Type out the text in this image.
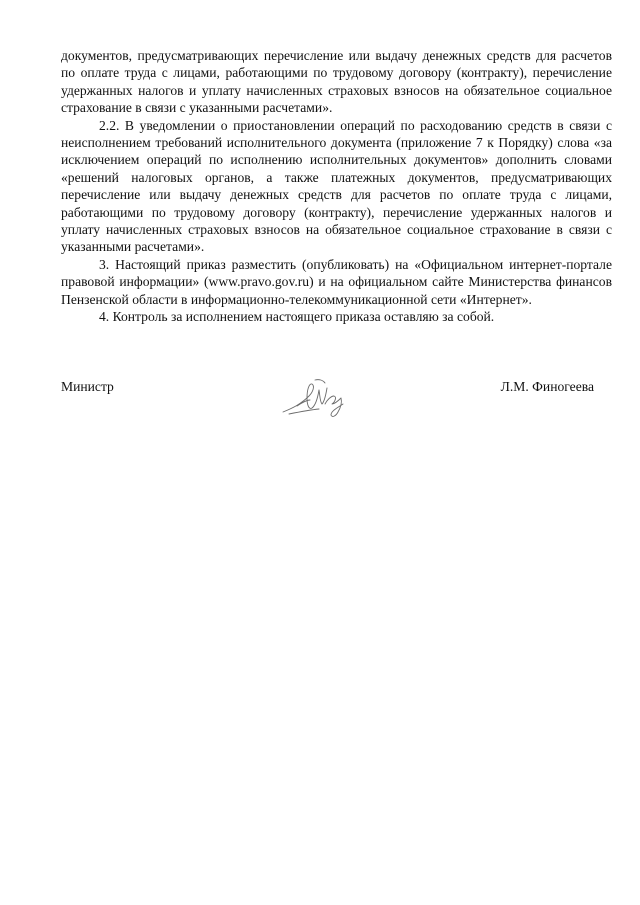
документов, предусматривающих перечисление или выдачу денежных средств для расчетов по оплате труда с лицами, работающими по трудовому договору (контракту), перечисление удержанных налогов и уплату начисленных страховых взносов на обязательное социальное страхование в связи с указанными расчетами».

2.2. В уведомлении о приостановлении операций по расходованию средств в связи с неисполнением требований исполнительного документа (приложение 7 к Порядку) слова «за исключением операций по исполнению исполнительных документов» дополнить словами «решений налоговых органов, а также платежных документов, предусматривающих перечисление или выдачу денежных средств для расчетов по оплате труда с лицами, работающими по трудовому договору (контракту), перечисление удержанных налогов и уплату начисленных страховых взносов на обязательное социальное страхование в связи с указанными расчетами».

3. Настоящий приказ разместить (опубликовать) на «Официальном интернет-портале правовой информации» (www.pravo.gov.ru) и на официальном сайте Министерства финансов Пензенской области в информационно-телекоммуникационной сети «Интернет».

4. Контроль за исполнением настоящего приказа оставляю за собой.

Министр	Л.М. Финогеева
